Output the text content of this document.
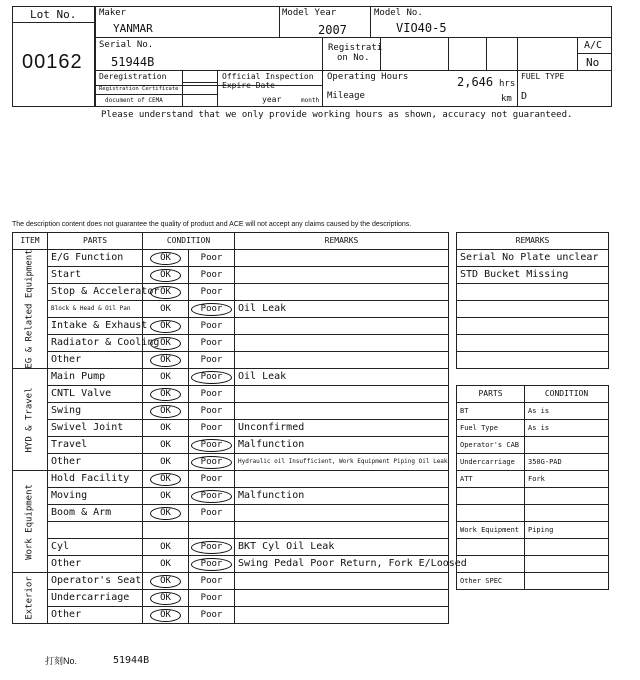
Lot No.
00162
Maker
YANMAR
Model Year
2007
Model No.
VIO40-5
Serial No.
51944B
Registrati
on No.
A/C
No
Deregistration
Registration Certificate
document of CEMA
Official Inspection
Expire Date
year	month
Operating Hours	2,646 hrs
Mileage	km
FUEL TYPE
D
Please understand that we only provide working hours as shown, accuracy not guaranteed.
The description content does not guarantee the quality of product and ACE will not accept any claims caused by the descriptions.
ITEM	PARTS	CONDITION		REMARKS

EG & Related Equipment	E/G Function	OK	Poor	
	Start	OK	Poor	
	Stop & Accelerator	OK	Poor	
	Block & Head & Oil Pan	OK	Poor	Oil Leak
	Intake & Exhaust	OK	Poor	
	Radiator & Cooling	OK	Poor	
	Other	OK	Poor	

HYD & Travel	Main Pump	OK	Poor	Oil Leak
	CNTL Valve	OK	Poor	
	Swing	OK	Poor	
	Swivel Joint	OK	Poor	Unconfirmed
	Travel	OK	Poor	Malfunction
	Other	OK	Poor	Hydraulic oil Insufficient, Work Equipment Piping Oil Leak

Work Equipment	Hold Facility	OK	Poor	
	Moving	OK	Poor	Malfunction
	Boom & Arm	OK	Poor	

	Cyl	OK	Poor	BKT Cyl Oil Leak
	Other	OK	Poor	Swing Pedal Poor Return, Fork E/Loosed

Exterior	Operator's Seat	OK	Poor	
	Undercarriage	OK	Poor	
	Other	OK	Poor	
REMARKS
Serial No Plate unclear
STD Bucket Missing

PARTS	CONDITION
BT	As is
Fuel Type	As is
Operator's CAB	
Undercarriage	350G-PAD
ATT	Fork

Work Equipment	Piping

Other SPEC	
打刻No.	51944B
